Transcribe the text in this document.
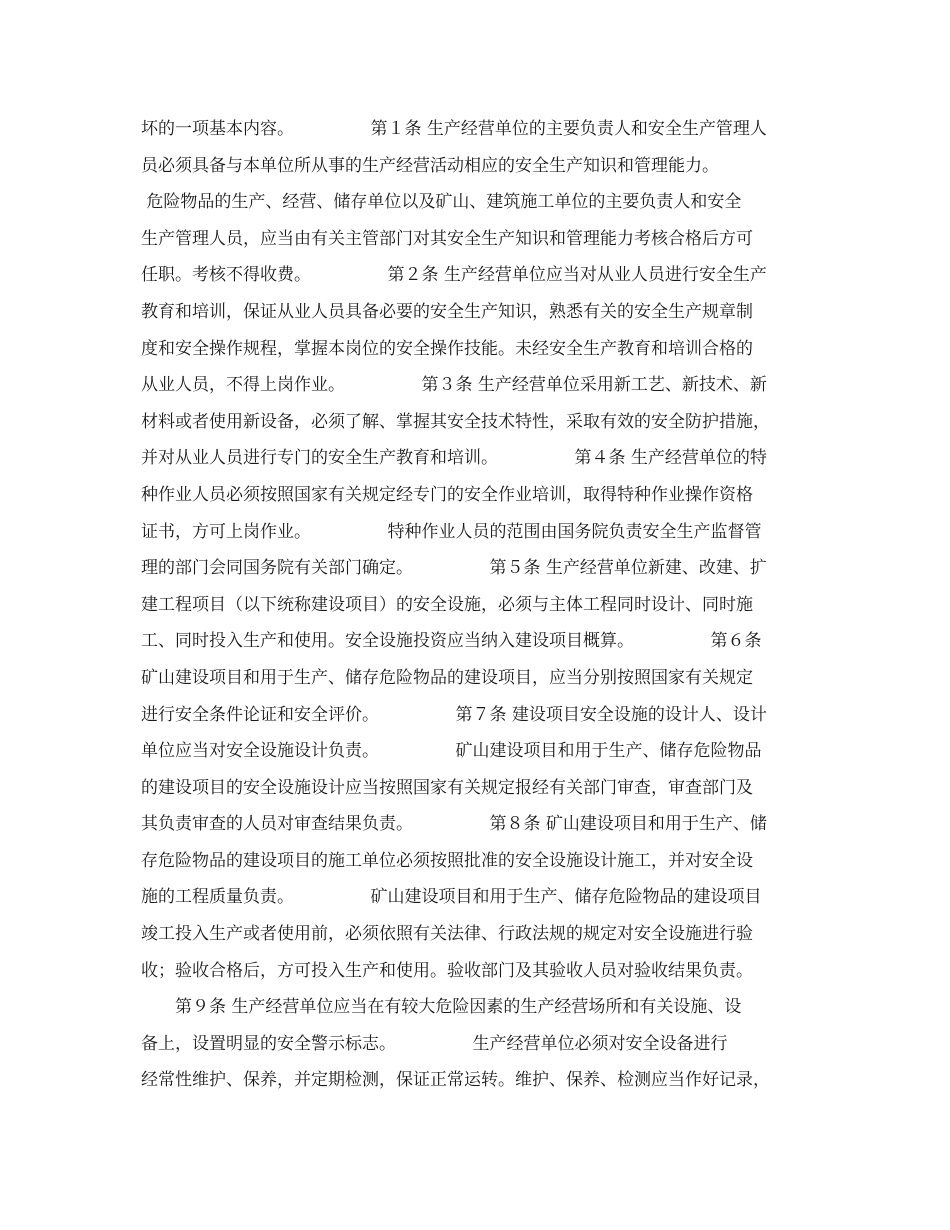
坏的一项基本内容。　　　　　第１条 生产经营单位的主要负责人和安全生产管理人
员必须具备与本单位所从事的生产经营活动相应的安全生产知识和管理能力。
危险物品的生产、经营、储存单位以及矿山、建筑施工单位的主要负责人和安全
生产管理人员，应当由有关主管部门对其安全生产知识和管理能力考核合格后方可
任职。考核不得收费。　　　　　第２条 生产经营单位应当对从业人员进行安全生产
教育和培训，保证从业人员具备必要的安全生产知识，熟悉有关的安全生产规章制
度和安全操作规程，掌握本岗位的安全操作技能。未经安全生产教育和培训合格的
从业人员，不得上岗作业。　　　　　第３条 生产经营单位采用新工艺、新技术、新
材料或者使用新设备，必须了解、掌握其安全技术特性，采取有效的安全防护措施，
并对从业人员进行专门的安全生产教育和培训。　　　　　第４条 生产经营单位的特
种作业人员必须按照国家有关规定经专门的安全作业培训，取得特种作业操作资格
证书，方可上岗作业。　　　　　特种作业人员的范围由国务院负责安全生产监督管
理的部门会同国务院有关部门确定。　　　　　第５条 生产经营单位新建、改建、扩
建工程项目（以下统称建设项目）的安全设施，必须与主体工程同时设计、同时施
工、同时投入生产和使用。安全设施投资应当纳入建设项目概算。　　　　　第６条
矿山建设项目和用于生产、储存危险物品的建设项目，应当分别按照国家有关规定
进行安全条件论证和安全评价。　　　　　第７条 建设项目安全设施的设计人、设计
单位应当对安全设施设计负责。　　　　　矿山建设项目和用于生产、储存危险物品
的建设项目的安全设施设计应当按照国家有关规定报经有关部门审查，审查部门及
其负责审查的人员对审查结果负责。　　　　　第８条 矿山建设项目和用于生产、储
存危险物品的建设项目的施工单位必须按照批准的安全设施设计施工，并对安全设
施的工程质量负责。　　　　　矿山建设项目和用于生产、储存危险物品的建设项目
竣工投入生产或者使用前，必须依照有关法律、行政法规的规定对安全设施进行验
收；验收合格后，方可投入生产和使用。验收部门及其验收人员对验收结果负责。
　　第９条 生产经营单位应当在有较大危险因素的生产经营场所和有关设施、设
备上，设置明显的安全警示标志。　　　　　生产经营单位必须对安全设备进行
经常性维护、保养，并定期检测，保证正常运转。维护、保养、检测应当作好记录，
